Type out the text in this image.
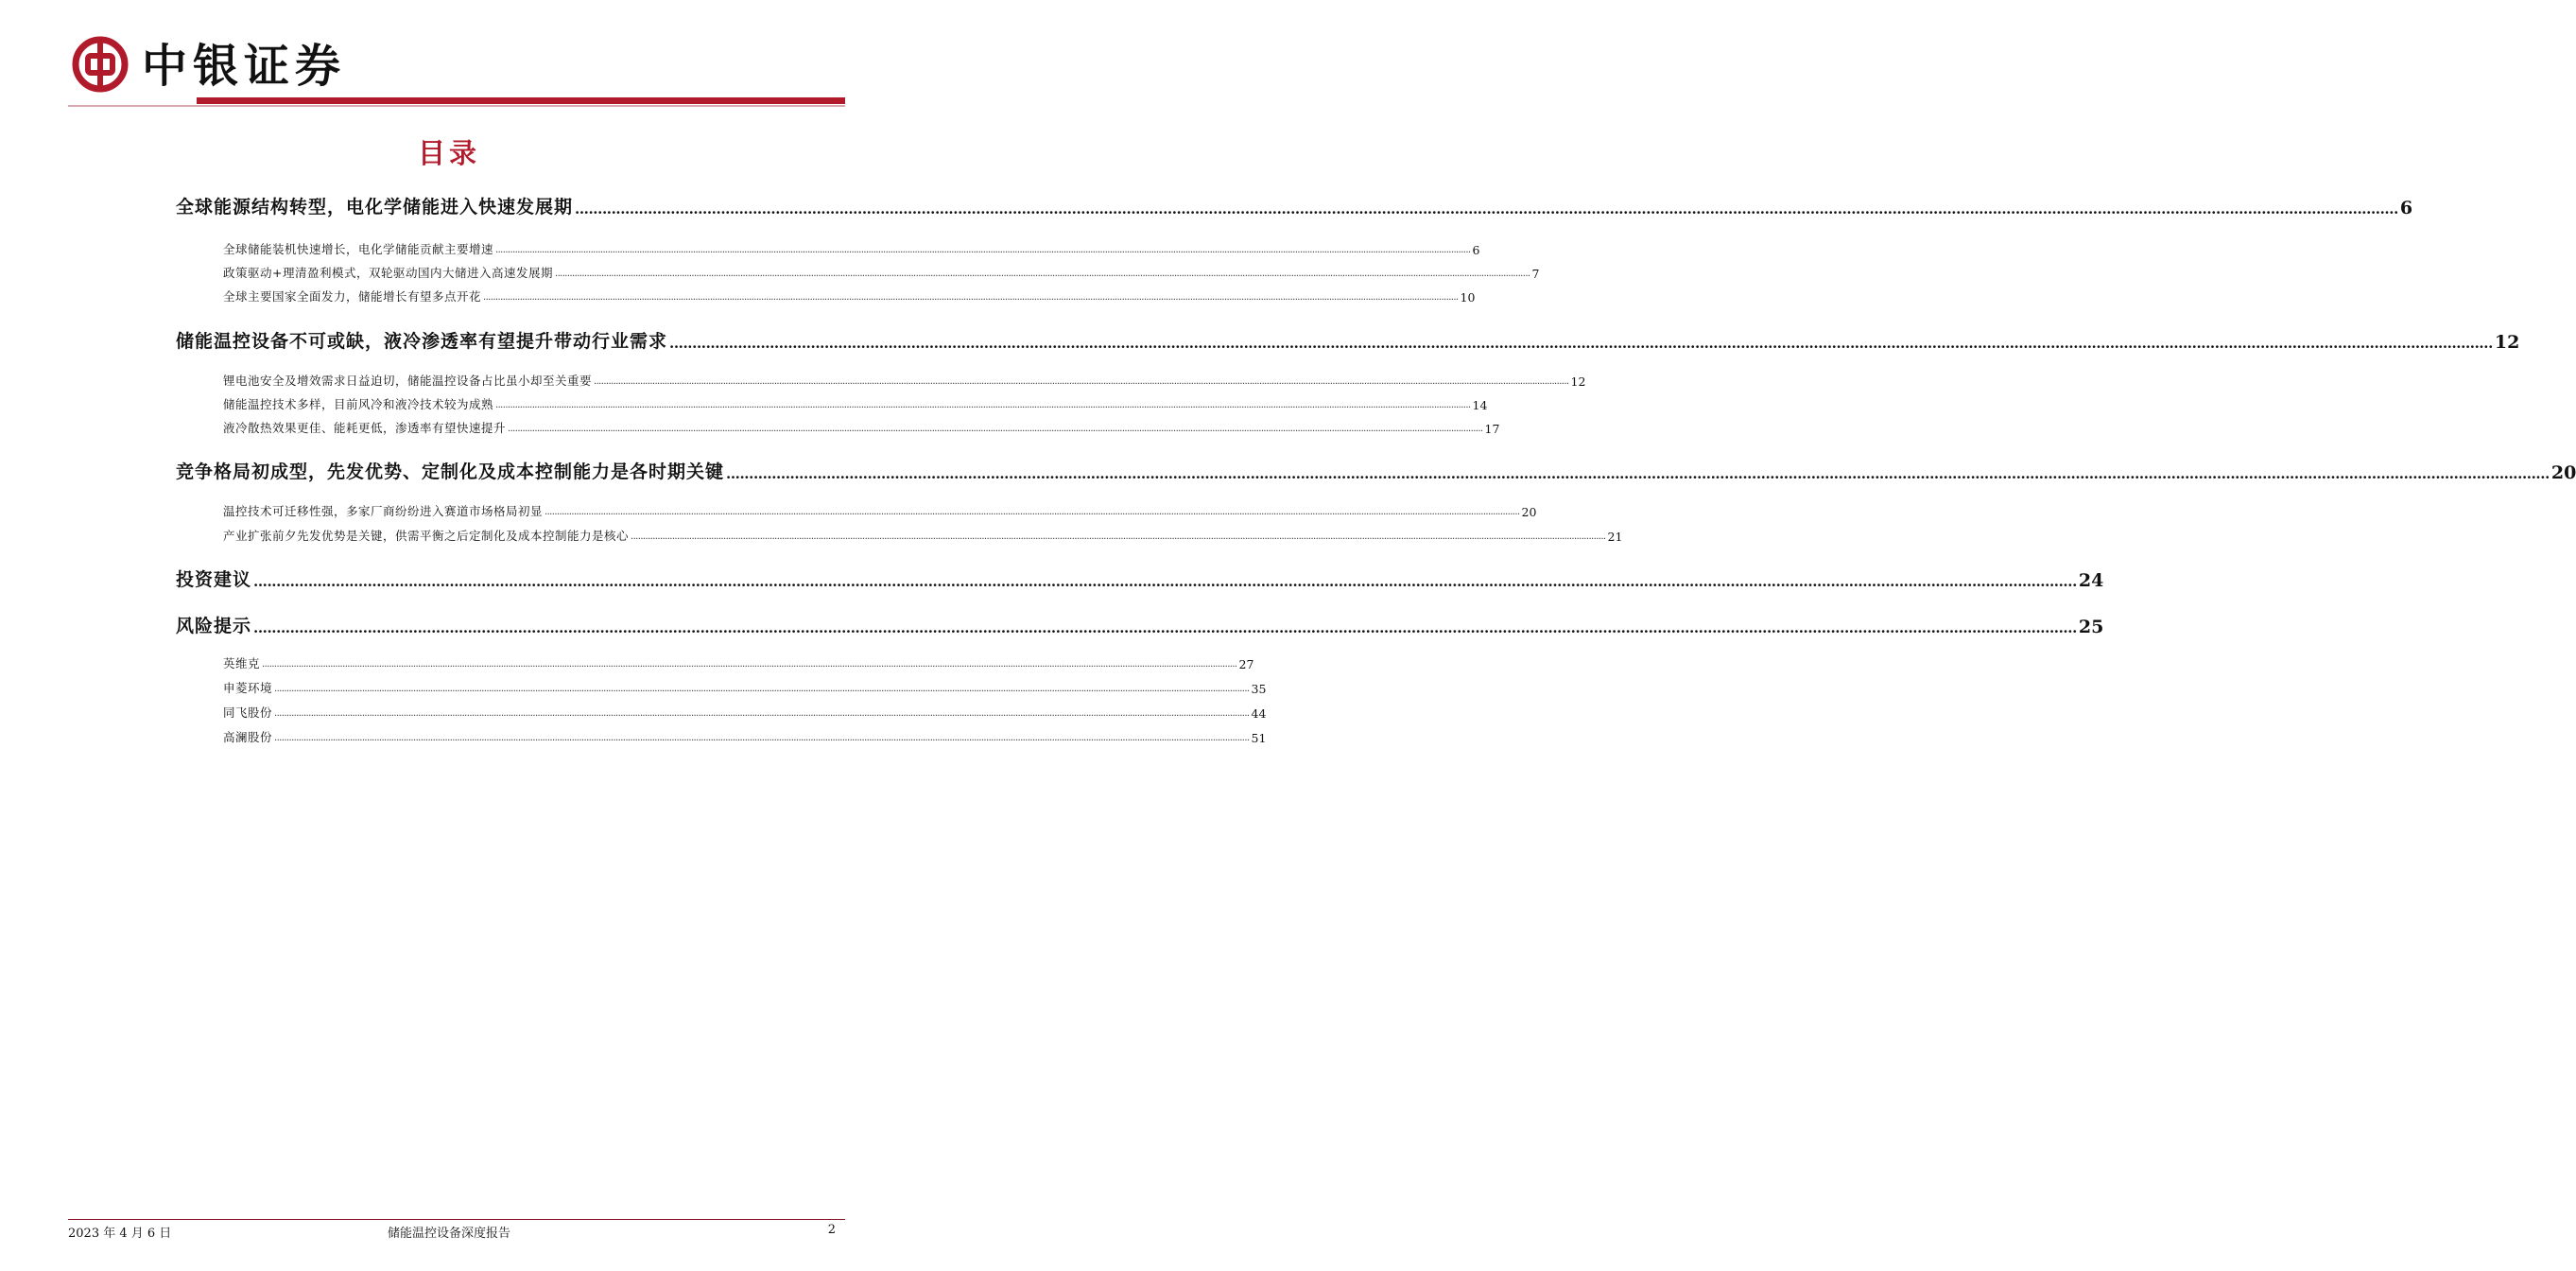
中银证券
目录
全球能源结构转型，电化学储能进入快速发展期 ................................................................................................................................................................................................................................................................................................................................................................................................................ 6
全球储能装机快速增长，电化学储能贡献主要增速 ................................................................................................................................................................................................................................................................................................................................................................................................................ 6
政策驱动+理清盈利模式，双轮驱动国内大储进入高速发展期 ................................................................................................................................................................................................................................................................................................................................................................................................................ 7
全球主要国家全面发力，储能增长有望多点开花 ................................................................................................................................................................................................................................................................................................................................................................................................................ 10
储能温控设备不可或缺，液冷渗透率有望提升带动行业需求 ................................................................................................................................................................................................................................................................................................................................................................................................................ 12
锂电池安全及增效需求日益迫切，储能温控设备占比虽小却至关重要 ................................................................................................................................................................................................................................................................................................................................................................................................................ 12
储能温控技术多样，目前风冷和液冷技术较为成熟 ................................................................................................................................................................................................................................................................................................................................................................................................................ 14
液冷散热效果更佳、能耗更低，渗透率有望快速提升 ................................................................................................................................................................................................................................................................................................................................................................................................................ 17
竞争格局初成型，先发优势、定制化及成本控制能力是各时期关键 ................................................................................................................................................................................................................................................................................................................................................................................................................ 20
温控技术可迁移性强，多家厂商纷纷进入赛道市场格局初显 ................................................................................................................................................................................................................................................................................................................................................................................................................ 20
产业扩张前夕先发优势是关键，供需平衡之后定制化及成本控制能力是核心 ................................................................................................................................................................................................................................................................................................................................................................................................................ 21
投资建议 ................................................................................................................................................................................................................................................................................................................................................................................................................ 24
风险提示 ................................................................................................................................................................................................................................................................................................................................................................................................................ 25
英维克 ................................................................................................................................................................................................................................................................................................................................................................................................................ 27
申菱环境 ................................................................................................................................................................................................................................................................................................................................................................................................................ 35
同飞股份 ................................................................................................................................................................................................................................................................................................................................................................................................................ 44
高澜股份 ................................................................................................................................................................................................................................................................................................................................................................................................................ 51
2023 年 4 月 6 日	储能温控设备深度报告	2
